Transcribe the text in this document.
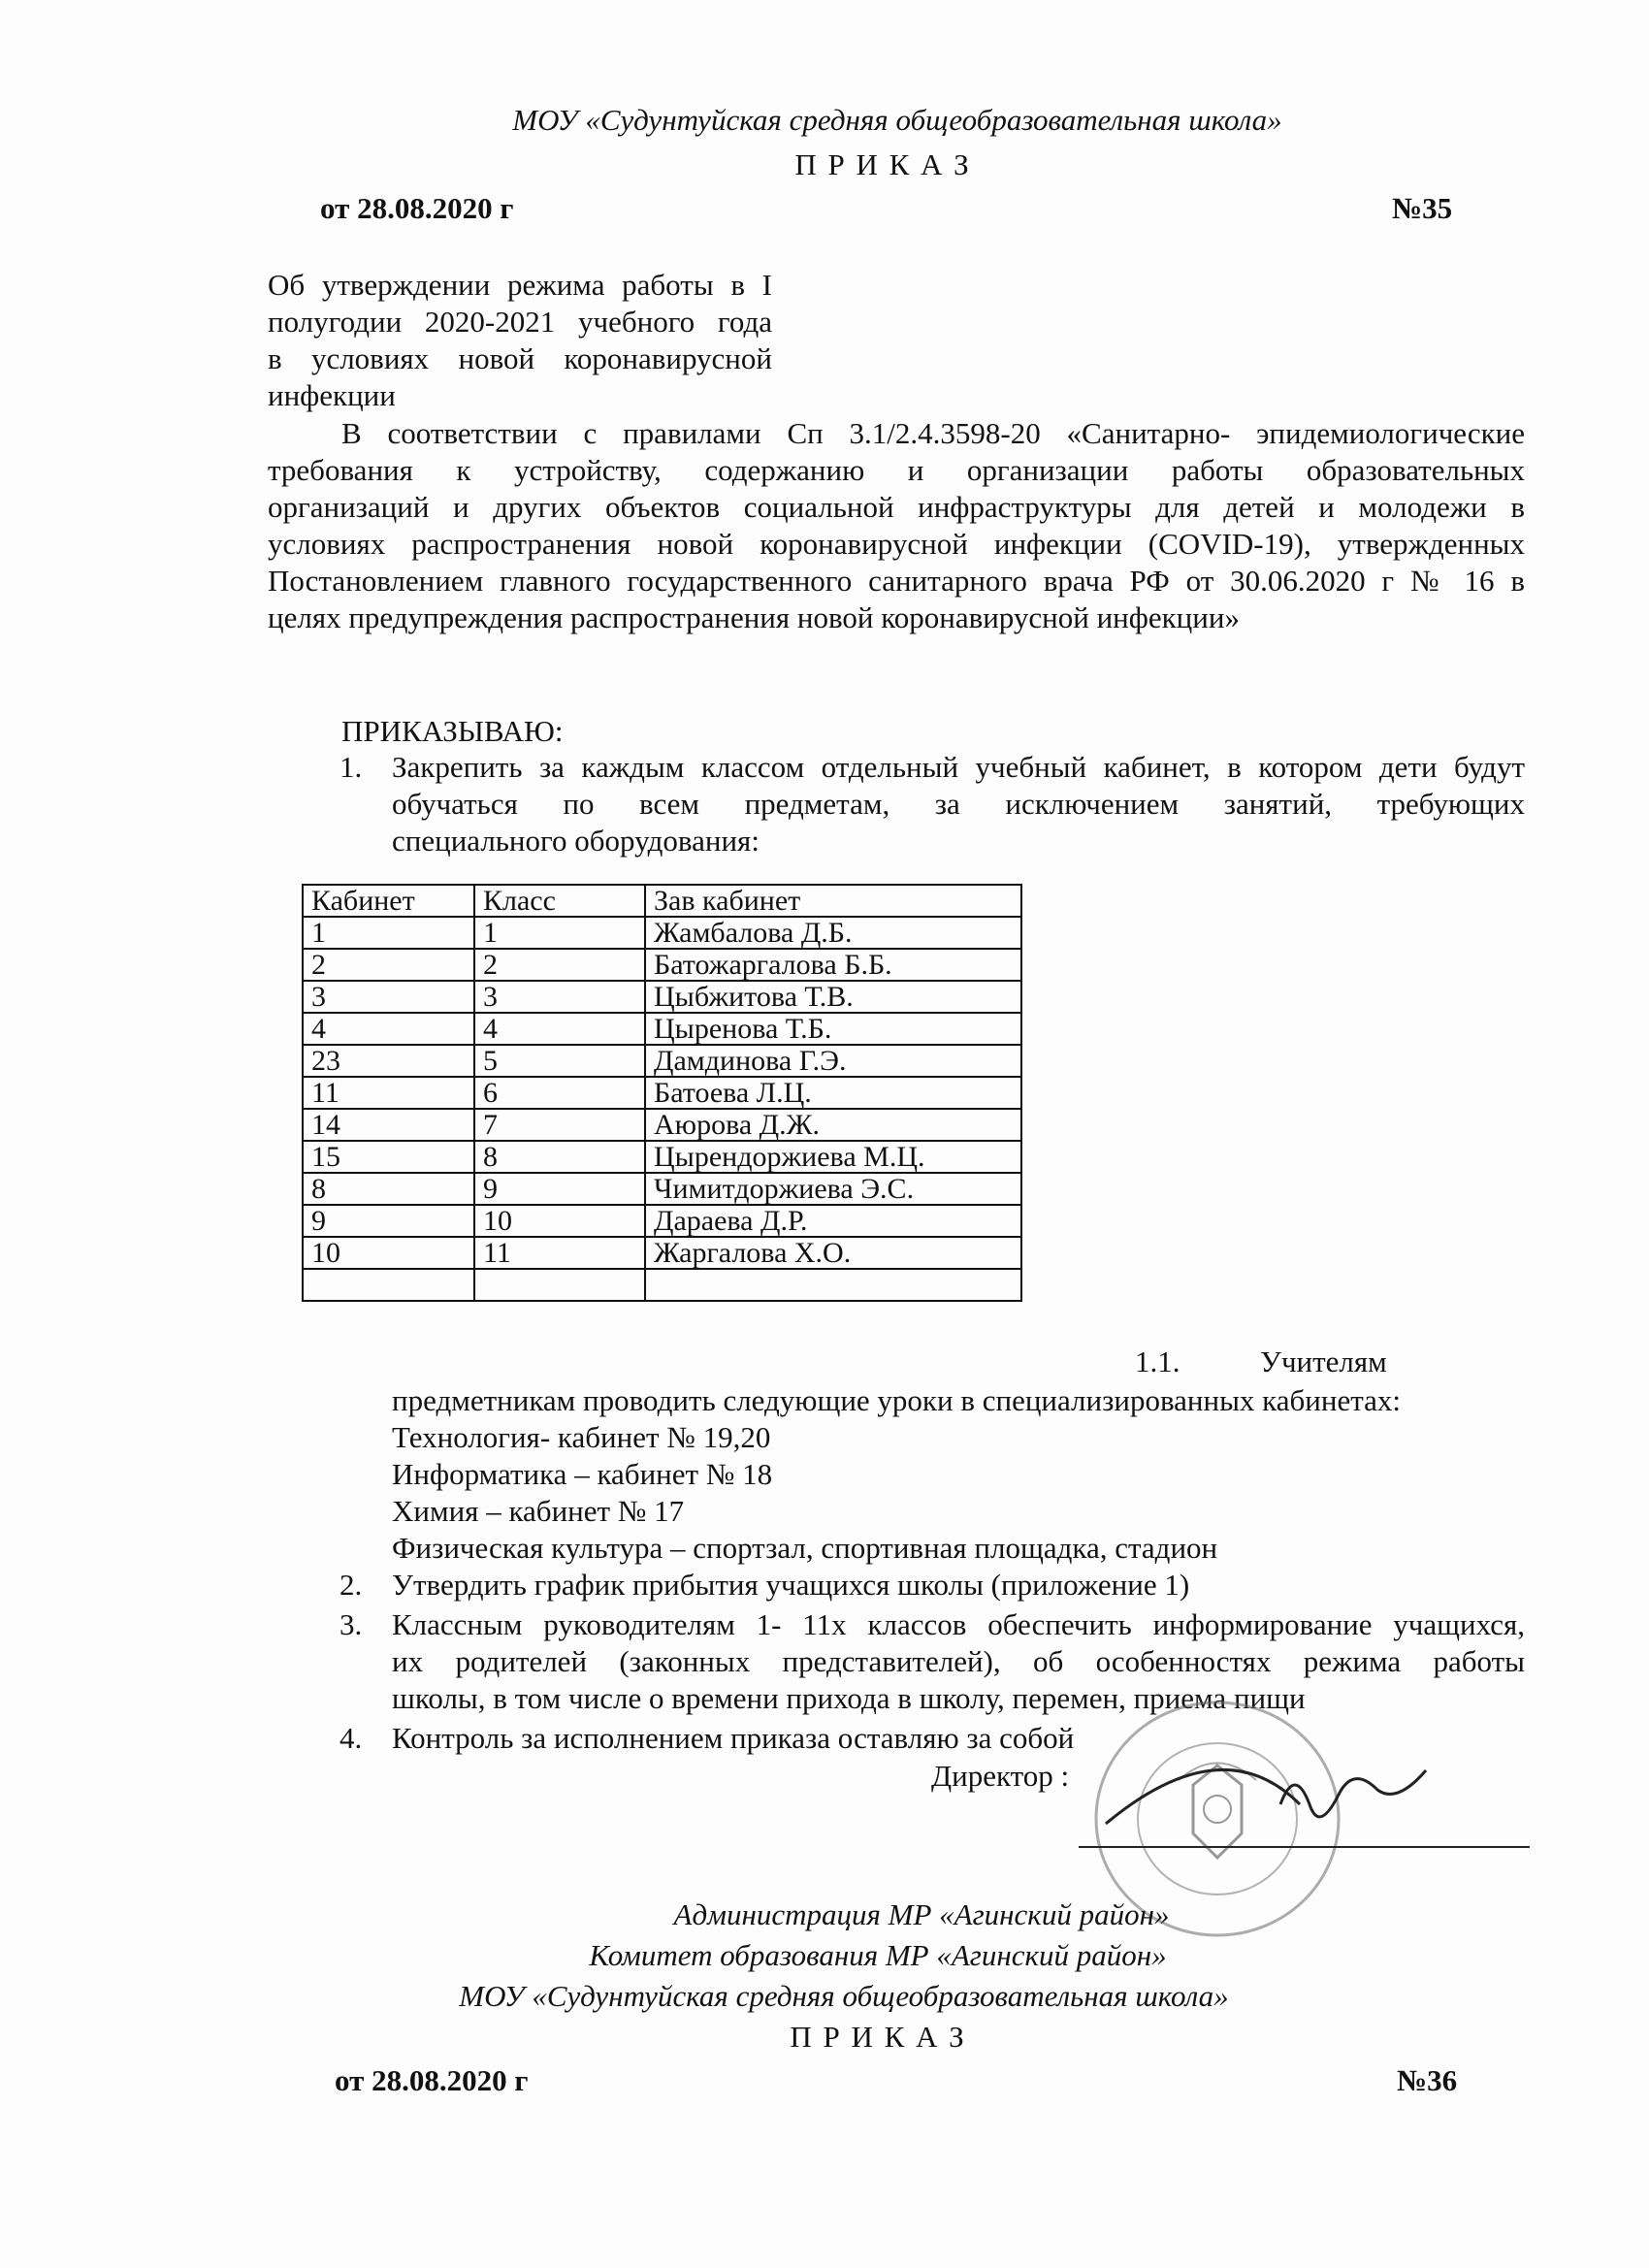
МОУ «Судунтуйская средняя общеобразовательная школа»
П Р И К А З
от 28.08.2020 г	№35
Об утверждении режима работы в I
полугодии 2020-2021 учебного года
в условиях новой коронавирусной
инфекции
В соответствии с правилами Сп 3.1/2.4.3598-20 «Санитарно- эпидемиологические
требования к устройству, содержанию и организации работы образовательных
организаций и других объектов социальной инфраструктуры для детей и молодежи в
условиях распространения новой коронавирусной инфекции (COVID-19), утвержденных
Постановлением главного государственного санитарного врача РФ от 30.06.2020 г № 16 в
целях предупреждения распространения новой коронавирусной инфекции»
ПРИКАЗЫВАЮ:
1. Закрепить за каждым классом отдельный учебный кабинет, в котором дети будут
обучаться по всем предметам, за исключением занятий, требующих
специального оборудования:
Кабинет	Класс	Зав кабинет
1	1	Жамбалова Д.Б.
2	2	Батожаргалова Б.Б.
3	3	Цыбжитова Т.В.
4	4	Цыренова Т.Б.
23	5	Дамдинова Г.Э.
11	6	Батоева Л.Ц.
14	7	Аюрова Д.Ж.
15	8	Цырендоржиева М.Ц.
8	9	Чимитдоржиева Э.С.
9	10	Дараева Д.Р.
10	11	Жаргалова Х.О.

1.1.	Учителям
предметникам проводить следующие уроки в специализированных кабинетах:
Технология- кабинет № 19,20
Информатика – кабинет № 18
Химия – кабинет № 17
Физическая культура – спортзал, спортивная площадка, стадион
2. Утвердить график прибытия учащихся школы (приложение 1)
3. Классным руководителям 1- 11х классов обеспечить информирование учащихся,
их родителей (законных представителей), об особенностях режима работы
школы, в том числе о времени прихода в школу, перемен, приема пищи
4. Контроль за исполнением приказа оставляю за собой
Директор :
Администрация МР «Агинский район»
Комитет образования МР «Агинский район»
МОУ «Судунтуйская средняя общеобразовательная школа»
П Р И К А З
от 28.08.2020 г	№36
